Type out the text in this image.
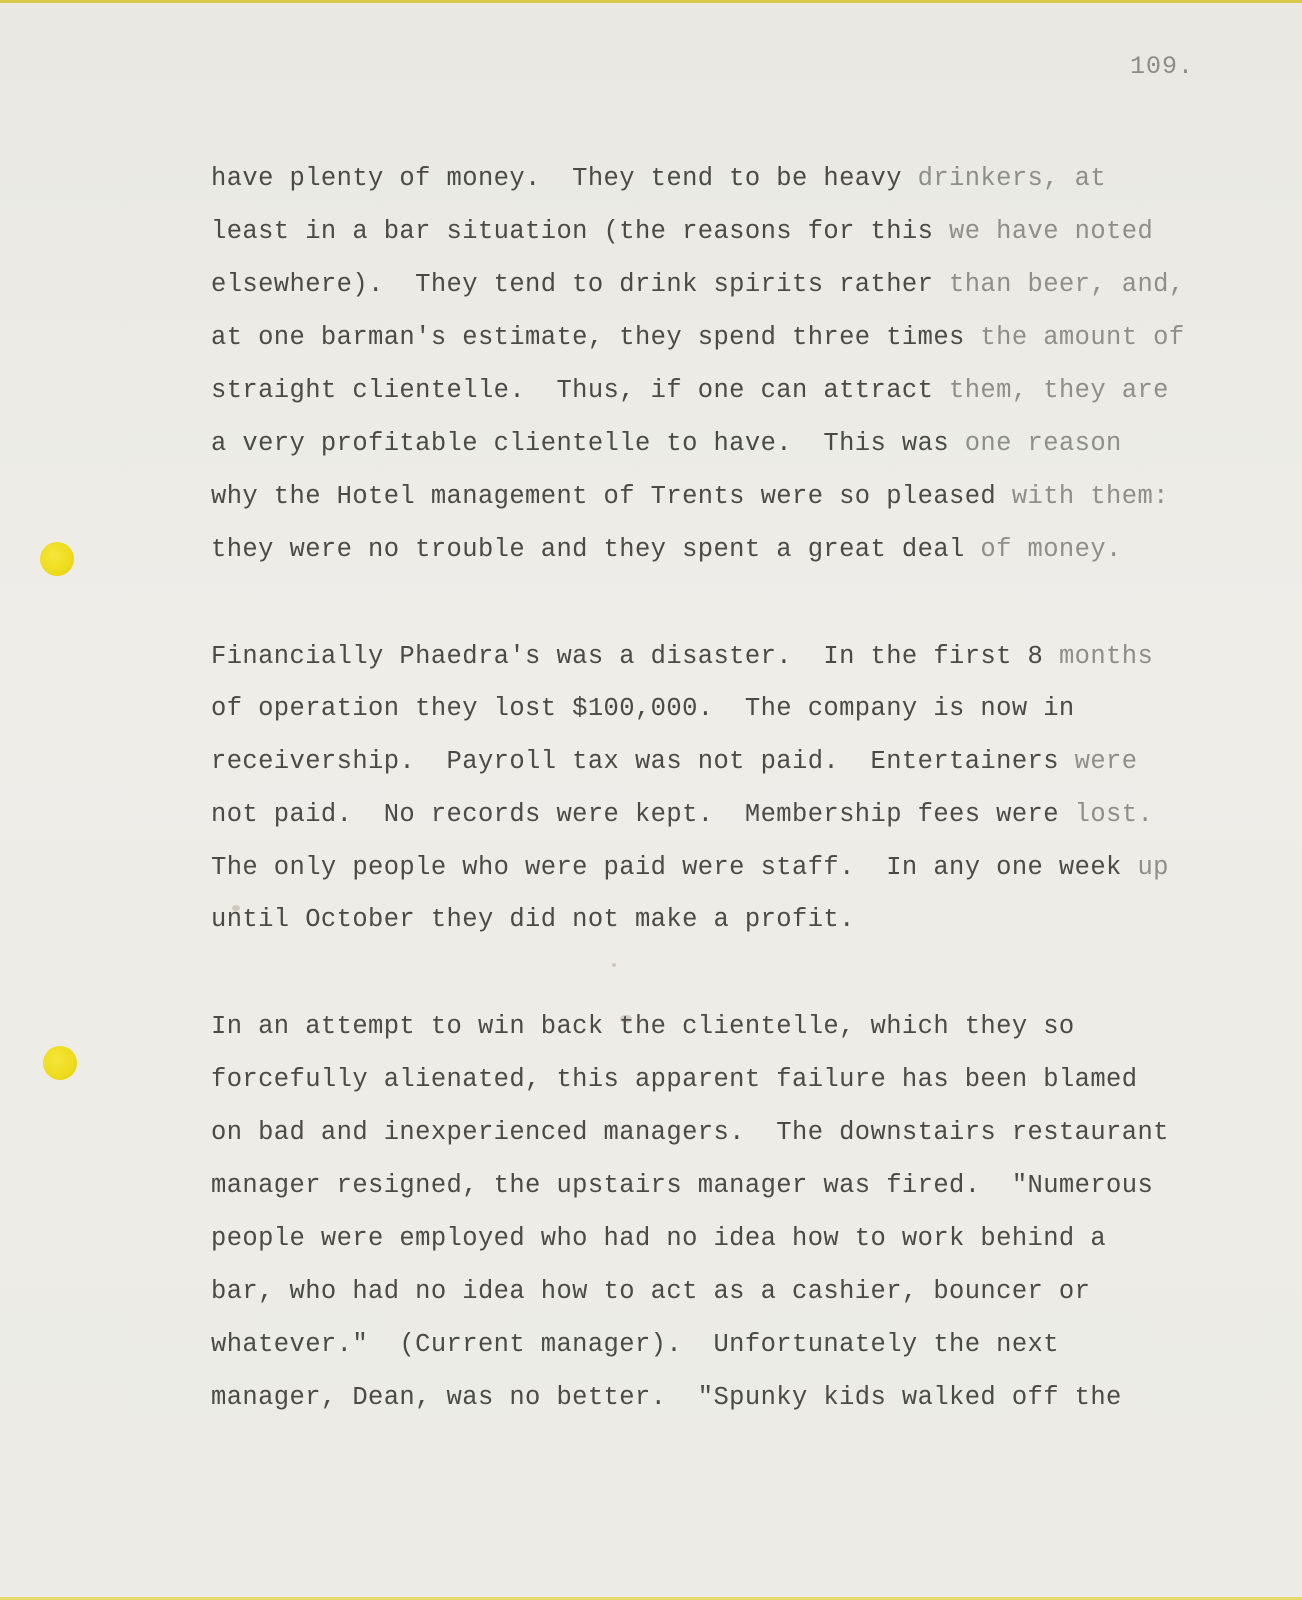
109.
have plenty of money.  They tend to be heavy drinkers, at
least in a bar situation (the reasons for this we have noted
elsewhere).  They tend to drink spirits rather than beer, and,
at one barman's estimate, they spend three times the amount of
straight clientelle.  Thus, if one can attract them, they are
a very profitable clientelle to have.  This was one reason
why the Hotel management of Trents were so pleased with them:
they were no trouble and they spent a great deal of money.
Financially Phaedra's was a disaster.  In the first 8 months
of operation they lost $100,000.  The company is now in
receivership.  Payroll tax was not paid.  Entertainers were
not paid.  No records were kept.  Membership fees were lost.
The only people who were paid were staff.  In any one week up
until October they did not make a profit.
In an attempt to win back the clientelle, which they so
forcefully alienated, this apparent failure has been blamed
on bad and inexperienced managers.  The downstairs restaurant
manager resigned, the upstairs manager was fired.  "Numerous
people were employed who had no idea how to work behind a
bar, who had no idea how to act as a cashier, bouncer or
whatever."  (Current manager).  Unfortunately the next
manager, Dean, was no better.  "Spunky kids walked off the
